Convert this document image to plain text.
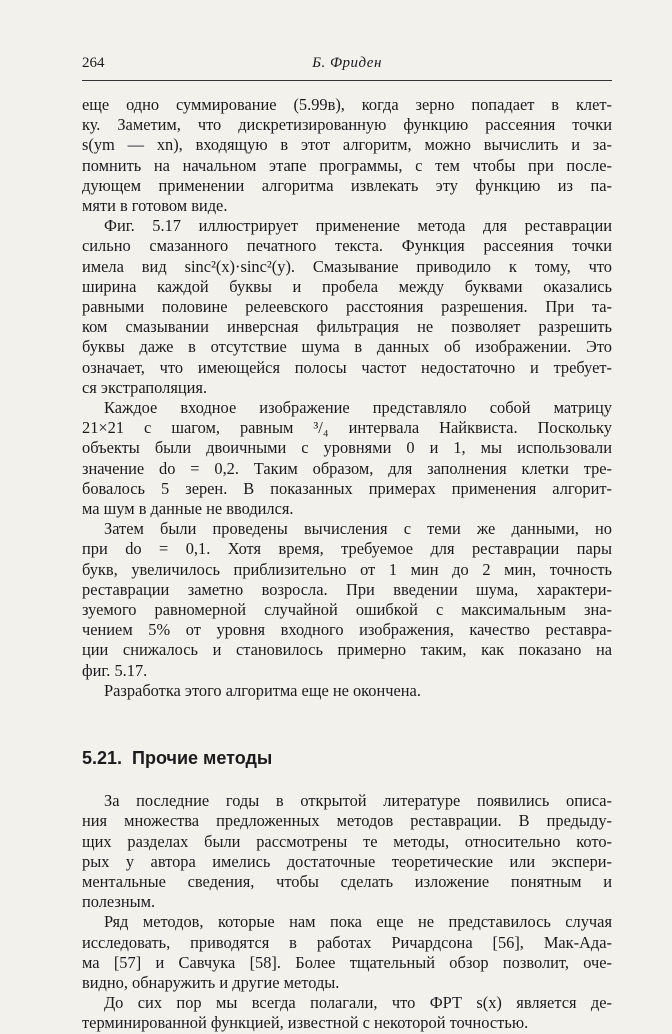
264	Б. Фриден
еще одно суммирование (5.99в), когда зерно попадает в клет-
ку. Заметим, что дискретизированную функцию рассеяния точки
s(ym — xn), входящую в этот алгоритм, можно вычислить и за-
помнить на начальном этапе программы, с тем чтобы при после-
дующем применении алгоритма извлекать эту функцию из па-
мяти в готовом виде.
Фиг. 5.17 иллюстрирует применение метода для реставрации
сильно смазанного печатного текста. Функция рассеяния точки
имела вид sinc²(x)·sinc²(y). Смазывание приводило к тому, что
ширина каждой буквы и пробела между буквами оказались
равными половине релеевского расстояния разрешения. При та-
ком смазывании инверсная фильтрация не позволяет разрешить
буквы даже в отсутствие шума в данных об изображении. Это
означает, что имеющейся полосы частот недостаточно и требует-
ся экстраполяция.
Каждое входное изображение представляло собой матрицу
21×21 с шагом, равным ³/₄ интервала Найквиста. Поскольку
объекты были двоичными с уровнями 0 и 1, мы использовали
значение do = 0,2. Таким образом, для заполнения клетки тре-
бовалось 5 зерен. В показанных примерах применения алгорит-
ма шум в данные не вводился.
Затем были проведены вычисления с теми же данными, но
при do = 0,1. Хотя время, требуемое для реставрации пары
букв, увеличилось приблизительно от 1 мин до 2 мин, точность
реставрации заметно возросла. При введении шума, характери-
зуемого равномерной случайной ошибкой с максимальным зна-
чением 5% от уровня входного изображения, качество реставра-
ции снижалось и становилось примерно таким, как показано на
фиг. 5.17.
Разработка этого алгоритма еще не окончена.
5.21. Прочие методы
За последние годы в открытой литературе появились описа-
ния множества предложенных методов реставрации. В предыду-
щих разделах были рассмотрены те методы, относительно кото-
рых у автора имелись достаточные теоретические или экспери-
ментальные сведения, чтобы сделать изложение понятным и
полезным.
Ряд методов, которые нам пока еще не представилось случая
исследовать, приводятся в работах Ричардсона [56], Мак-Ада-
ма [57] и Савчука [58]. Более тщательный обзор позволит, оче-
видно, обнаружить и другие методы.
До сих пор мы всегда полагали, что ФРТ s(x) является де-
терминированной функцией, известной с некоторой точностью.
